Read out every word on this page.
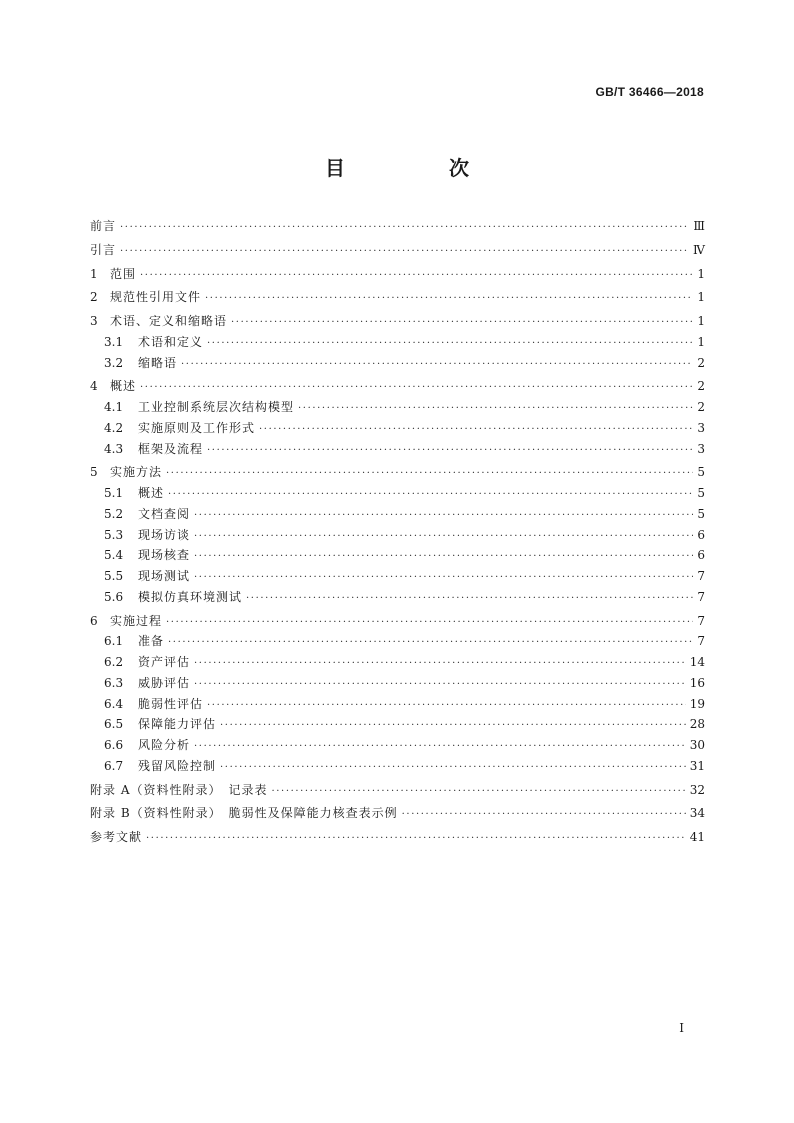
GB/T 36466—2018
目　次
前言 ·····	Ⅲ
引言 ·····	Ⅳ
1 范围 ·····	1
2 规范性引用文件 ·····	1
3 术语、定义和缩略语 ·····	1
3.1	术语和定义 ·····	1
3.2	缩略语 ·····	2
4 概述 ·····	2
4.1	工业控制系统层次结构模型 ·····	2
4.2	实施原则及工作形式 ·····	3
4.3	框架及流程 ·····	3
5 实施方法 ·····	5
5.1	概述 ·····	5
5.2	文档查阅 ·····	5
5.3	现场访谈 ·····	6
5.4	现场核查 ·····	6
5.5	现场测试 ·····	7
5.6	模拟仿真环境测试 ·····	7
6 实施过程 ·····	7
6.1	准备 ·····	7
6.2	资产评估 ·····	14
6.3	威胁评估 ·····	16
6.4	脆弱性评估 ·····	19
6.5	保障能力评估 ·····	28
6.6	风险分析 ·····	30
6.7	残留风险控制 ·····	31
附录 A（资料性附录）　记录表 ·····	32
附录 B（资料性附录）　脆弱性及保障能力核查表示例 ·····	34
参考文献 ·····	41
I
